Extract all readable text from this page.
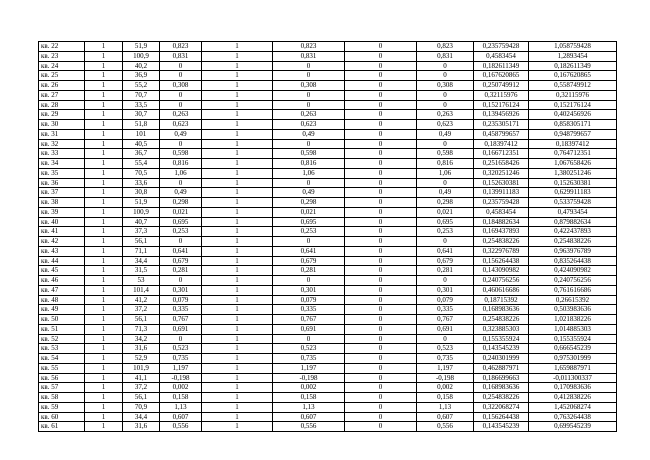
кв. 22	1	51,9	0,823	1	0,823	0	0,823	0,235759428	1,058759428
кв. 23	1	100,9	0,831	1	0,831	0	0,831	0,4583454	1,2893454
кв. 24	1	40,2	0	1	0	0	0	0,182611349	0,182611349
кв. 25	1	36,9	0	1	0	0	0	0,167620865	0,167620865
кв. 26	1	55,2	0,308	1	0,308	0	0,308	0,250749912	0,558749912
кв. 27	1	70,7	0	1	0	0	0	0,32115976	0,32115976
кв. 28	1	33,5	0	1	0	0	0	0,152176124	0,152176124
кв. 29	1	30,7	0,263	1	0,263	0	0,263	0,139456926	0,402456926
кв. 30	1	51,8	0,623	1	0,623	0	0,623	0,235305171	0,858305171
кв. 31	1	101	0,49	1	0,49	0	0,49	0,458799657	0,948799657
кв. 32	1	40,5	0	1	0	0	0	0,18397412	0,18397412
кв. 33	1	36,7	0,598	1	0,598	0	0,598	0,166712351	0,764712351
кв. 34	1	55,4	0,816	1	0,816	0	0,816	0,251658426	1,067658426
кв. 35	1	70,5	1,06	1	1,06	0	1,06	0,320251246	1,380251246
кв. 36	1	33,6	0	1	0	0	0	0,152630381	0,152630381
кв. 37	1	30,8	0,49	1	0,49	0	0,49	0,139911183	0,629911183
кв. 38	1	51,9	0,298	1	0,298	0	0,298	0,235759428	0,533759428
кв. 39	1	100,9	0,021	1	0,021	0	0,021	0,4583454	0,4793454
кв. 40	1	40,7	0,695	1	0,695	0	0,695	0,184882634	0,879882634
кв. 41	1	37,3	0,253	1	0,253	0	0,253	0,169437893	0,422437893
кв. 42	1	56,1	0	1	0	0	0	0,254838226	0,254838226
кв. 43	1	71,1	0,641	1	0,641	0	0,641	0,322976789	0,963976789
кв. 44	1	34,4	0,679	1	0,679	0	0,679	0,156264438	0,835264438
кв. 45	1	31,5	0,281	1	0,281	0	0,281	0,143090982	0,424090982
кв. 46	1	53	0	1	0	0	0	0,240756256	0,240756256
кв. 47	1	101,4	0,301	1	0,301	0	0,301	0,460616686	0,761616686
кв. 48	1	41,2	0,079	1	0,079	0	0,079	0,18715392	0,26615392
кв. 49	1	37,2	0,335	1	0,335	0	0,335	0,168983636	0,503983636
кв. 50	1	56,1	0,767	1	0,767	0	0,767	0,254838226	1,021838226
кв. 51	1	71,3	0,691	1	0,691	0	0,691	0,323885303	1,014885303
кв. 52	1	34,2	0	1	0	0	0	0,155355924	0,155355924
кв. 53	1	31,6	0,523	1	0,523	0	0,523	0,143545239	0,666545239
кв. 54	1	52,9	0,735	1	0,735	0	0,735	0,240301999	0,975301999
кв. 55	1	101,9	1,197	1	1,197	0	1,197	0,462887971	1,659887971
кв. 56	1	41,1	-0,198	1	-0,198	0	-0,198	0,186699663	-0,011300337
кв. 57	1	37,2	0,002	1	0,002	0	0,002	0,168983636	0,170983636
кв. 58	1	56,1	0,158	1	0,158	0	0,158	0,254838226	0,412838226
кв. 59	1	70,9	1,13	1	1,13	0	1,13	0,322068274	1,452068274
кв. 60	1	34,4	0,607	1	0,607	0	0,607	0,156264438	0,763264438
кв. 61	1	31,6	0,556	1	0,556	0	0,556	0,143545239	0,699545239
